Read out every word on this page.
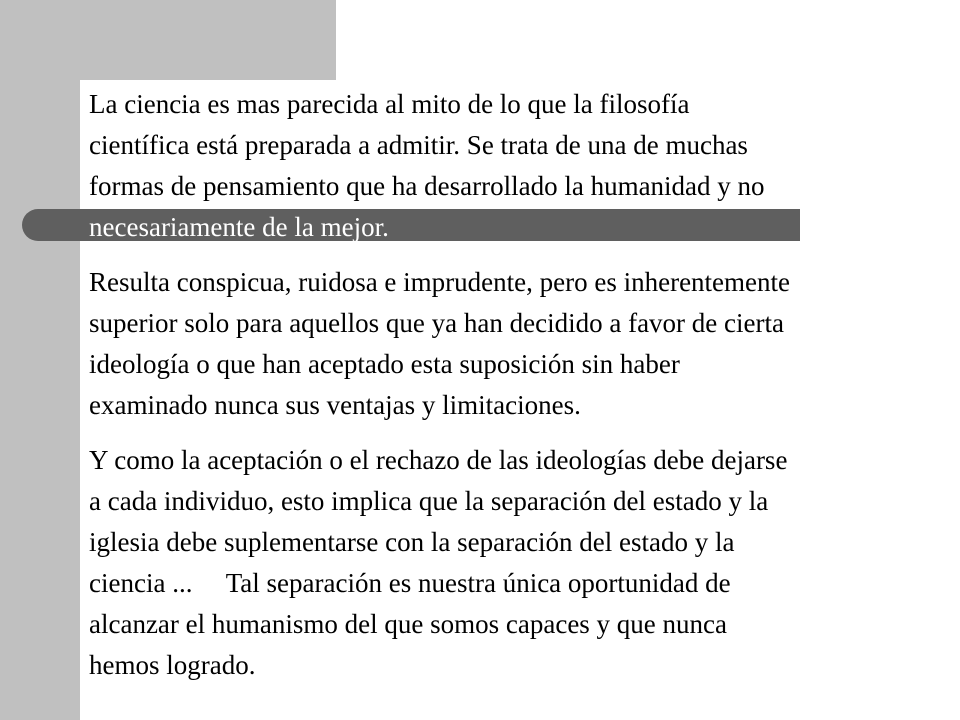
La ciencia es mas parecida al mito de lo que la filosofía
científica está preparada a admitir. Se trata de una de muchas
formas de pensamiento que ha desarrollado la humanidad y no
necesariamente de la mejor.

Resulta conspicua, ruidosa e imprudente, pero es inherentemente
superior solo para aquellos que ya han decidido a favor de cierta
ideología o que han aceptado esta suposición sin haber
examinado nunca sus ventajas y limitaciones.

Y como la aceptación o el rechazo de las ideologías debe dejarse
a cada individuo, esto implica que la separación del estado y la
iglesia debe suplementarse con la separación del estado y la
ciencia ...     Tal separación es nuestra única oportunidad de
alcanzar el humanismo del que somos capaces y que nunca
hemos logrado.
